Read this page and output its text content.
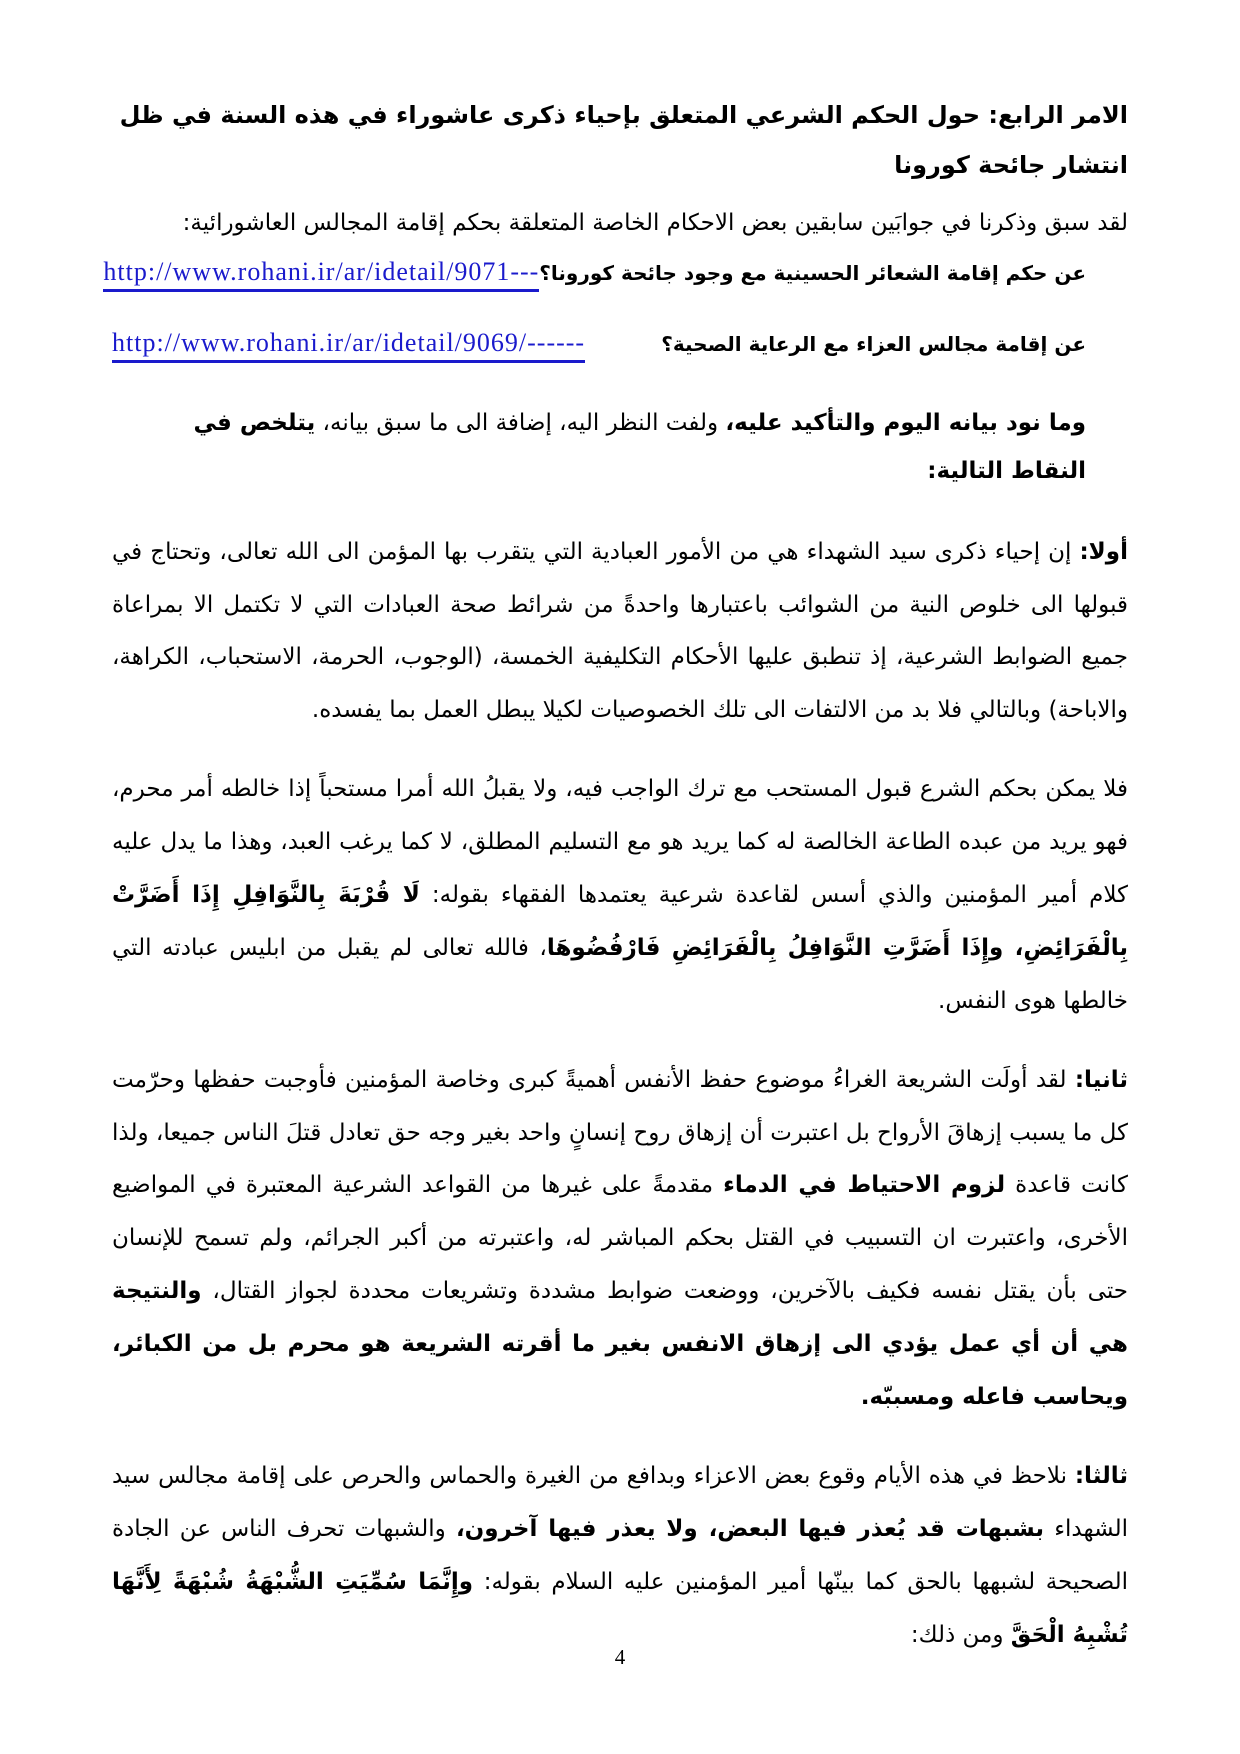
الامر الرابع: حول الحكم الشرعي المتعلق بإحياء ذكرى عاشوراء في هذه السنة في ظل انتشار جائحة كورونا

لقد سبق وذكرنا في جوابَين سابقين بعض الاحكام الخاصة المتعلقة بحكم إقامة المجالس العاشورائية:

عن حكم إقامة الشعائر الحسينية مع وجود جائحة كورونا؟
http://www.rohani.ir/ar/idetail/9071---
عن إقامة مجالس العزاء مع الرعاية الصحية؟
http://www.rohani.ir/ar/idetail/9069/------

وما نود بيانه اليوم والتأكيد عليه، ولفت النظر اليه، إضافة الى ما سبق بيانه، يتلخص في النقاط التالية:

أولا: إن إحياء ذكرى سيد الشهداء هي من الأمور العبادية التي يتقرب بها المؤمن الى الله تعالى، وتحتاج في قبولها الى خلوص النية من الشوائب باعتبارها واحدةً من شرائط صحة العبادات التي لا تكتمل الا بمراعاة جميع الضوابط الشرعية، إذ تنطبق عليها الأحكام التكليفية الخمسة، (الوجوب، الحرمة، الاستحباب، الكراهة، والاباحة) وبالتالي فلا بد من الالتفات الى تلك الخصوصيات لكيلا يبطل العمل بما يفسده.

فلا يمكن بحكم الشرع قبول المستحب مع ترك الواجب فيه، ولا يقبلُ الله أمرا مستحباً إذا خالطه أمر محرم، فهو يريد من عبده الطاعة الخالصة له كما يريد هو مع التسليم المطلق، لا كما يرغب العبد، وهذا ما يدل عليه كلام أمير المؤمنين والذي أسس لقاعدة شرعية يعتمدها الفقهاء بقوله: لَا قُرْبَةَ بِالنَّوَافِلِ إِذَا أَضَرَّتْ بِالْفَرَائِضِ، وإِذَا أَضَرَّتِ النَّوَافِلُ بِالْفَرَائِضِ فَارْفُضُوهَا، فالله تعالى لم يقبل من ابليس عبادته التي خالطها هوى النفس.

ثانيا: لقد أولَت الشريعة الغراءُ موضوع حفظ الأنفس أهميةً كبرى وخاصة المؤمنين فأوجبت حفظها وحرّمت كل ما يسبب إزهاقَ الأرواح بل اعتبرت أن إزهاق روح إنسانٍ واحد بغير وجه حق تعادل قتلَ الناس جميعا، ولذا كانت قاعدة لزوم الاحتياط في الدماء مقدمةً على غيرها من القواعد الشرعية المعتبرة في المواضيع الأخرى، واعتبرت ان التسبيب في القتل بحكم المباشر له، واعتبرته من أكبر الجرائم، ولم تسمح للإنسان حتى بأن يقتل نفسه فكيف بالآخرين، ووضعت ضوابط مشددة وتشريعات محددة لجواز القتال، والنتيجة هي أن أي عمل يؤدي الى إزهاق الانفس بغير ما أقرته الشريعة هو محرم بل من الكبائر، ويحاسب فاعله ومسببّه.

ثالثا: نلاحظ في هذه الأيام وقوع بعض الاعزاء وبدافع من الغيرة والحماس والحرص على إقامة مجالس سيد الشهداء بشبهات قد يُعذر فيها البعض، ولا يعذر فيها آخرون، والشبهات تحرف الناس عن الجادة الصحيحة لشبهها بالحق كما بينّها أمير المؤمنين عليه السلام بقوله: وإِنَّمَا سُمِّيَتِ الشُّبْهَةُ شُبْهَةً لِأَنَّهَا تُشْبِهُ الْحَقَّ ومن ذلك:

4
